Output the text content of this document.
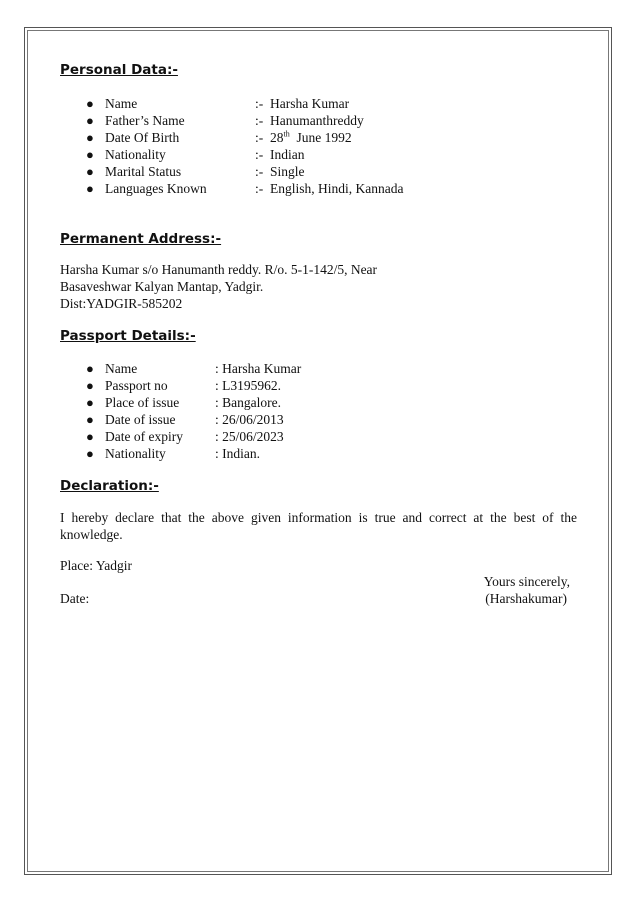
Personal Data:-
● Name	:- Harsha Kumar
● Father’s Name	:- Hanumanthreddy
● Date Of Birth	:- 28th June 1992
● Nationality	:- Indian
● Marital Status	:- Single
● Languages Known	:- English, Hindi, Kannada
Permanent Address:-
Harsha Kumar s/o Hanumanth reddy. R/o. 5-1-142/5, Near
Basaveshwar Kalyan Mantap, Yadgir.
Dist:YADGIR-585202
Passport Details:-
● Name	: Harsha Kumar
● Passport no	: L3195962.
● Place of issue	: Bangalore.
● Date of issue	: 26/06/2013
● Date of expiry : 25/06/2023
● Nationality	: Indian.
Declaration:-
I hereby declare that the above given information is true and correct at the best of the
knowledge.
Place: Yadgir
Yours sincerely,
Date:	(Harshakumar)
